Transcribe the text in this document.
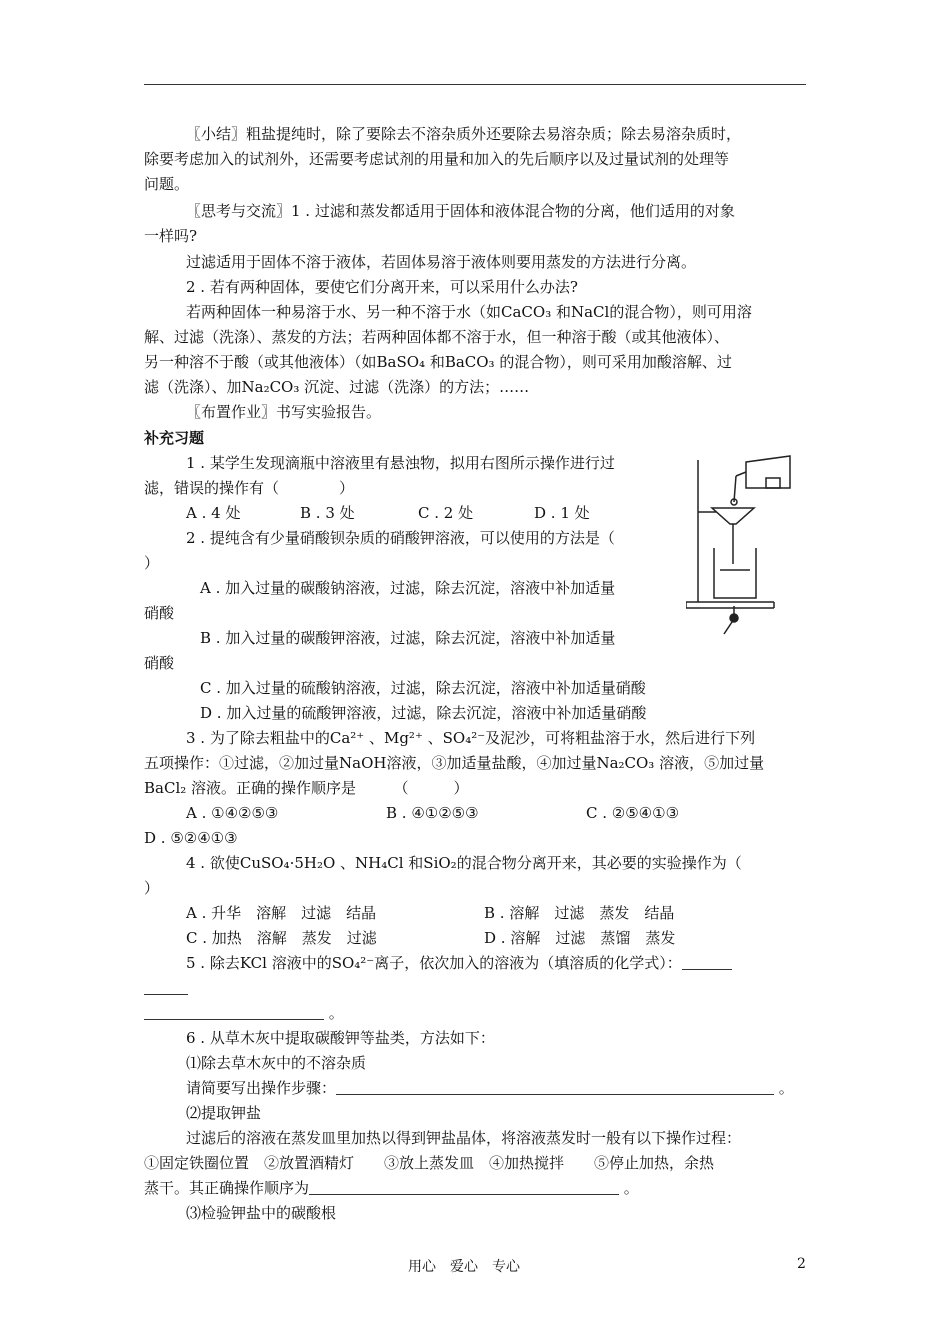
〖小结〗粗盐提纯时，除了要除去不溶杂质外还要除去易溶杂质；除去易溶杂质时，
除要考虑加入的试剂外，还需要考虑试剂的用量和加入的先后顺序以及过量试剂的处理等
问题。
〖思考与交流〗1 . 过滤和蒸发都适用于固体和液体混合物的分离，他们适用的对象
一样吗?
过滤适用于固体不溶于液体，若固体易溶于液体则要用蒸发的方法进行分离。
2 . 若有两种固体，要使它们分离开来，可以采用什么办法?
若两种固体一种易溶于水、另一种不溶于水（如CaCO₃ 和NaCl的混合物），则可用溶
解、过滤（洗涤）、蒸发的方法；若两种固体都不溶于水，但一种溶于酸（或其他液体）、
另一种溶不于酸（或其他液体）（如BaSO₄ 和BaCO₃ 的混合物），则可采用加酸溶解、过
滤（洗涤）、加Na₂CO₃ 沉淀、过滤（洗涤）的方法；……
〖布置作业〗书写实验报告。
补充习题
1 . 某学生发现滴瓶中溶液里有悬浊物，拟用右图所示操作进行过
滤，错误的操作有（　　　　）
A . 4 处	B . 3 处	C . 2 处	D . 1 处
2 . 提纯含有少量硝酸钡杂质的硝酸钾溶液，可以使用的方法是（
）
A . 加入过量的碳酸钠溶液，过滤，除去沉淀，溶液中补加适量
硝酸
B . 加入过量的碳酸钾溶液，过滤，除去沉淀，溶液中补加适量
硝酸
C . 加入过量的硫酸钠溶液，过滤，除去沉淀，溶液中补加适量硝酸
D . 加入过量的硫酸钾溶液，过滤，除去沉淀，溶液中补加适量硝酸
3 . 为了除去粗盐中的Ca²⁺ 、Mg²⁺ 、SO₄²⁻及泥沙，可将粗盐溶于水，然后进行下列
五项操作：①过滤，②加过量NaOH溶液，③加适量盐酸，④加过量Na₂CO₃ 溶液，⑤加过量
BaCl₂ 溶液。正确的操作顺序是　　　（　　　）
A . ①④②⑤③	B . ④①②⑤③	C . ②⑤④①③
D . ⑤②④①③
4 . 欲使CuSO₄·5H₂O 、NH₄Cl 和SiO₂的混合物分离开来，其必要的实验操作为（
）
A . 升华　溶解　过滤　结晶	B . 溶解　过滤　蒸发　结晶
C . 加热　溶解　蒸发　过滤	D . 溶解　过滤　蒸馏　蒸发
5 . 除去KCl 溶液中的SO₄²⁻离子，依次加入的溶液为（填溶质的化学式）：
。
6 . 从草木灰中提取碳酸钾等盐类，方法如下：
⑴除去草木灰中的不溶杂质
请简要写出操作步骤：	。
⑵提取钾盐
过滤后的溶液在蒸发皿里加热以得到钾盐晶体，将溶液蒸发时一般有以下操作过程：
①固定铁圈位置　②放置酒精灯　　③放上蒸发皿　④加热搅拌　　⑤停止加热，余热
蒸干。其正确操作顺序为	。
⑶检验钾盐中的碳酸根
用心　爱心　专心	2
